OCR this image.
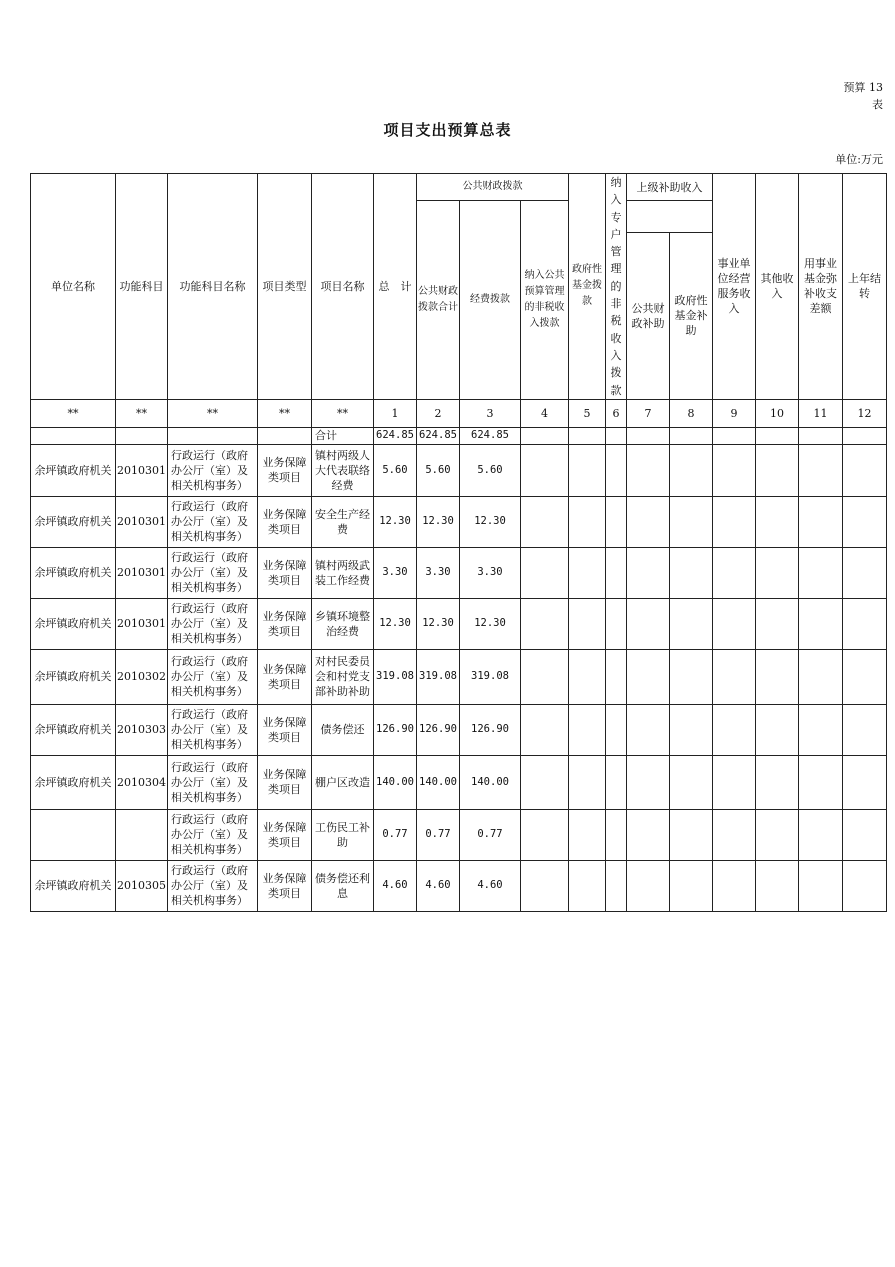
预算 13
表
项目支出预算总表
单位:万元
单位名称	功能科目	功能科目名称	项目类型	项目名称	总　计	公共财政拨款			政府性基金拨款	纳入专户管理的非税收入拨款	上级补助收入		事业单位经营服务收入	其他收入	用事业基金弥补收支差额	上年结转
						公共财政拨款合计	经费拨款	纳入公共预算管理的非税收入拨款								
											公共财政补助	政府性基金补助				
**	**	**	**	**	1	2	3	4	5	6	7	8	9	10	11	12
				合计	624.85	624.85	624.85									
余坪镇政府机关	2010301	行政运行（政府办公厅（室）及相关机构事务）	业务保障类项目	镇村两级人大代表联络经费	5.60	5.60	5.60									
余坪镇政府机关	2010301	行政运行（政府办公厅（室）及相关机构事务）	业务保障类项目	安全生产经费	12.30	12.30	12.30									
余坪镇政府机关	2010301	行政运行（政府办公厅（室）及相关机构事务）	业务保障类项目	镇村两级武装工作经费	3.30	3.30	3.30									
余坪镇政府机关	2010301	行政运行（政府办公厅（室）及相关机构事务）	业务保障类项目	乡镇环境整治经费	12.30	12.30	12.30									
余坪镇政府机关	2010302	行政运行（政府办公厅（室）及相关机构事务）	业务保障类项目	对村民委员会和村党支部补助补助	319.08	319.08	319.08									
余坪镇政府机关	2010303	行政运行（政府办公厅（室）及相关机构事务）	业务保障类项目	债务偿还	126.90	126.90	126.90									
余坪镇政府机关	2010304	行政运行（政府办公厅（室）及相关机构事务）	业务保障类项目	棚户区改造	140.00	140.00	140.00									
		行政运行（政府办公厅（室）及相关机构事务）	业务保障类项目	工伤民工补助	0.77	0.77	0.77									
余坪镇政府机关	2010305	行政运行（政府办公厅（室）及相关机构事务）	业务保障类项目	债务偿还利息	4.60	4.60	4.60									
